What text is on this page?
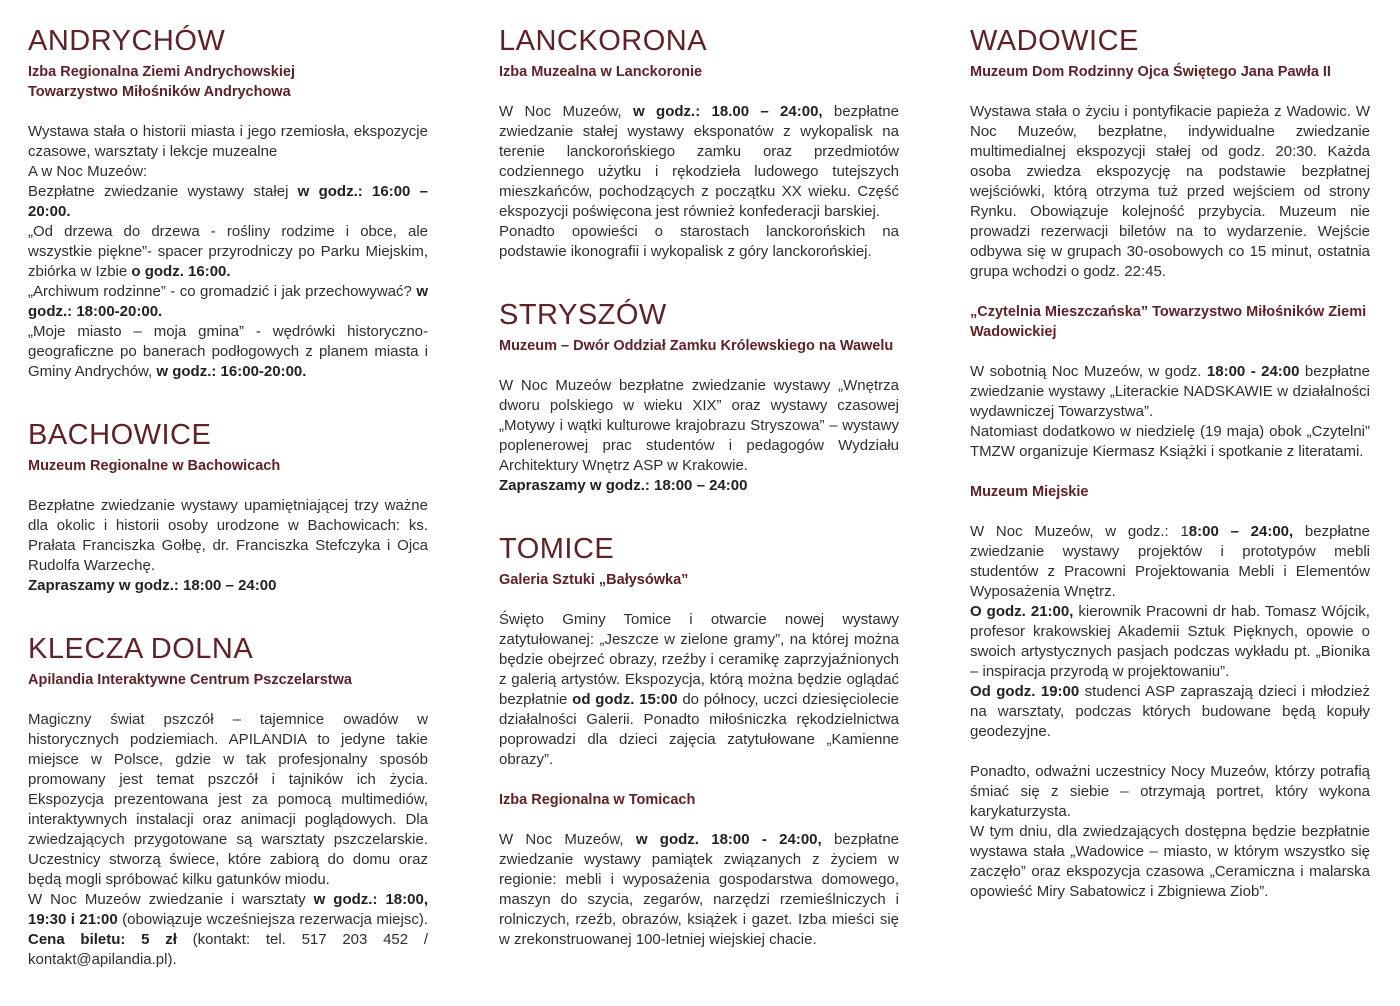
ANDRYCHÓW
Izba Regionalna Ziemi Andrychowskiej
Towarzystwo Miłośników Andrychowa

Wystawa stała o historii miasta i jego rzemiosła, ekspozycje czasowe, warsztaty i lekcje muzealne

A w Noc Muzeów:

Bezpłatne zwiedzanie wystawy stałej w godz.: 16:00 – 20:00.

„Od drzewa do drzewa - rośliny rodzime i obce, ale wszystkie piękne”- spacer przyrodniczy po Parku Miejskim, zbiórka w Izbie o godz. 16:00.

„Archiwum rodzinne” - co gromadzić i jak przechowywać? w godz.: 18:00-20:00.

„Moje miasto – moja gmina” - wędrówki historyczno-geograficzne po banerach podłogowych z planem miasta i Gminy Andrychów, w godz.: 16:00-20:00.

BACHOWICE
Muzeum Regionalne w Bachowicach

Bezpłatne zwiedzanie wystawy upamiętniającej trzy ważne dla okolic i historii osoby urodzone w Bachowicach: ks. Prałata Franciszka Gołbę, dr. Franciszka Stefczyka i Ojca Rudolfa Warzechę.

Zapraszamy w godz.: 18:00 – 24:00

KLECZA DOLNA
Apilandia Interaktywne Centrum Pszczelarstwa

Magiczny świat pszczół – tajemnice owadów w historycznych podziemiach. APILANDIA to jedyne takie miejsce w Polsce, gdzie w tak profesjonalny sposób promowany jest temat pszczół i tajników ich życia. Ekspozycja prezentowana jest za pomocą multimediów, interaktywnych instalacji oraz animacji poglądowych. Dla zwiedzających przygotowane są warsztaty pszczelarskie. Uczestnicy stworzą świece, które zabiorą do domu oraz będą mogli spróbować kilku gatunków miodu.

W Noc Muzeów zwiedzanie i warsztaty w godz.: 18:00, 19:30 i 21:00 (obowiązuje wcześniejsza rezerwacja miejsc). Cena biletu: 5 zł (kontakt: tel. 517 203 452 / kontakt@apilandia.pl).

LANCKORONA
Izba Muzealna w Lanckoronie

W Noc Muzeów, w godz.: 18.00 – 24:00, bezpłatne zwiedzanie stałej wystawy eksponatów z wykopalisk na terenie lanckorońskiego zamku oraz przedmiotów codziennego użytku i rękodzieła ludowego tutejszych mieszkańców, pochodzących z początku XX wieku. Część ekspozycji poświęcona jest również konfederacji barskiej.

Ponadto opowieści o starostach lanckorońskich na podstawie ikonografii i wykopalisk z góry lanckorońskiej.

STRYSZÓW
Muzeum – Dwór Oddział Zamku Królewskiego na Wawelu

W Noc Muzeów bezpłatne zwiedzanie wystawy „Wnętrza dworu polskiego w wieku XIX” oraz wystawy czasowej „Motywy i wątki kulturowe krajobrazu Stryszowa” – wystawy poplenerowej prac studentów i pedagogów Wydziału Architektury Wnętrz ASP w Krakowie.

Zapraszamy w godz.: 18:00 – 24:00

TOMICE
Galeria Sztuki „Bałysówka”

Święto Gminy Tomice i otwarcie nowej wystawy zatytułowanej: „Jeszcze w zielone gramy”, na której można będzie obejrzeć obrazy, rzeźby i ceramikę zaprzyjaźnionych z galerią artystów. Ekspozycja, którą można będzie oglądać bezpłatnie od godz. 15:00 do północy, uczci dziesięciolecie działalności Galerii. Ponadto miłośniczka rękodzielnictwa poprowadzi dla dzieci zajęcia zatytułowane „Kamienne obrazy”.

Izba Regionalna w Tomicach

W Noc Muzeów, w godz. 18:00 - 24:00, bezpłatne zwiedzanie wystawy pamiątek związanych z życiem w regionie: mebli i wyposażenia gospodarstwa domowego, maszyn do szycia, zegarów, narzędzi rzemieślniczych i rolniczych, rzeźb, obrazów, książek i gazet. Izba mieści się w zrekonstruowanej 100-letniej wiejskiej chacie.

WADOWICE
Muzeum Dom Rodzinny Ojca Świętego Jana Pawła II

Wystawa stała o życiu i pontyfikacie papieża z Wadowic. W Noc Muzeów, bezpłatne, indywidualne zwiedzanie multimedialnej ekspozycji stałej od godz. 20:30. Każda osoba zwiedza ekspozycję na podstawie bezpłatnej wejściówki, którą otrzyma tuż przed wejściem od strony Rynku. Obowiązuje kolejność przybycia. Muzeum nie prowadzi rezerwacji biletów na to wydarzenie. Wejście odbywa się w grupach 30-osobowych co 15 minut, ostatnia grupa wchodzi o godz. 22:45.

„Czytelnia Mieszczańska” Towarzystwo Miłośników Ziemi Wadowickiej

W sobotnią Noc Muzeów, w godz. 18:00 - 24:00 bezpłatne zwiedzanie wystawy „Literackie NADSKAWIE w działalności wydawniczej Towarzystwa”.

Natomiast dodatkowo w niedzielę (19 maja) obok „Czytelni” TMZW organizuje Kiermasz Książki i spotkanie z literatami.

Muzeum Miejskie

W Noc Muzeów, w godz.: 18:00 – 24:00, bezpłatne zwiedzanie wystawy projektów i prototypów mebli studentów z Pracowni Projektowania Mebli i Elementów Wyposażenia Wnętrz.

O godz. 21:00, kierownik Pracowni dr hab. Tomasz Wójcik, profesor krakowskiej Akademii Sztuk Pięknych, opowie o swoich artystycznych pasjach podczas wykładu pt. „Bionika – inspiracja przyrodą w projektowaniu”.

Od godz. 19:00 studenci ASP zapraszają dzieci i młodzież na warsztaty, podczas których budowane będą kopuły geodezyjne.

Ponadto, odważni uczestnicy Nocy Muzeów, którzy potrafią śmiać się z siebie – otrzymają portret, który wykona karykaturzysta.

W tym dniu, dla zwiedzających dostępna będzie bezpłatnie wystawa stała „Wadowice – miasto, w którym wszystko się zaczęło” oraz ekspozycja czasowa „Ceramiczna i malarska opowieść Miry Sabatowicz i Zbigniewa Ziob”.
